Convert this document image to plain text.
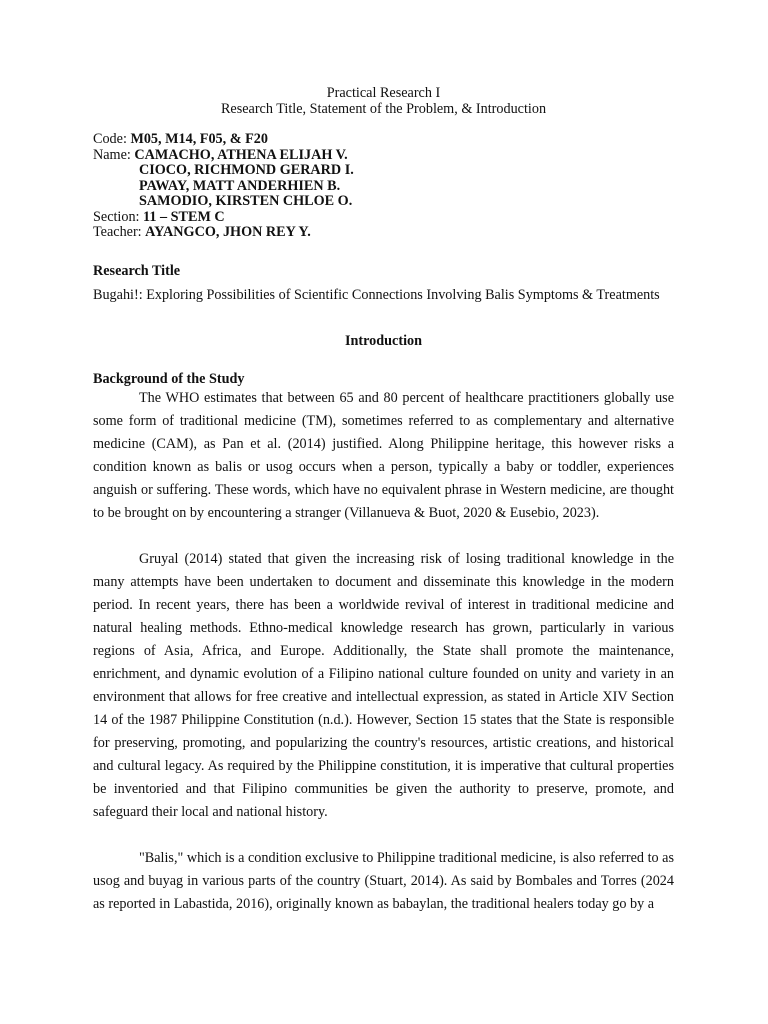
Practical Research I
Research Title, Statement of the Problem, & Introduction
Code: M05, M14, F05, & F20
Name: CAMACHO, ATHENA ELIJAH V.
CIOCO, RICHMOND GERARD I.
PAWAY, MATT ANDERHIEN B.
SAMODIO, KIRSTEN CHLOE O.
Section: 11 – STEM C
Teacher: AYANGCO, JHON REY Y.
Research Title
Bugahi!: Exploring Possibilities of Scientific Connections Involving Balis Symptoms & Treatments
Introduction
Background of the Study

The WHO estimates that between 65 and 80 percent of healthcare practitioners globally use some form of traditional medicine (TM), sometimes referred to as complementary and alternative medicine (CAM), as Pan et al. (2014) justified. Along Philippine heritage, this however risks a condition known as balis or usog occurs when a person, typically a baby or toddler, experiences anguish or suffering. These words, which have no equivalent phrase in Western medicine, are thought to be brought on by encountering a stranger (Villanueva & Buot, 2020 & Eusebio, 2023).

Gruyal (2014) stated that given the increasing risk of losing traditional knowledge in the many attempts have been undertaken to document and disseminate this knowledge in the modern period. In recent years, there has been a worldwide revival of interest in traditional medicine and natural healing methods. Ethno-medical knowledge research has grown, particularly in various regions of Asia, Africa, and Europe. Additionally, the State shall promote the maintenance, enrichment, and dynamic evolution of a Filipino national culture founded on unity and variety in an environment that allows for free creative and intellectual expression, as stated in Article XIV Section 14 of the 1987 Philippine Constitution (n.d.). However, Section 15 states that the State is responsible for preserving, promoting, and popularizing the country's resources, artistic creations, and historical and cultural legacy. As required by the Philippine constitution, it is imperative that cultural properties be inventoried and that Filipino communities be given the authority to preserve, promote, and safeguard their local and national history.

"Balis," which is a condition exclusive to Philippine traditional medicine, is also referred to as usog and buyag in various parts of the country (Stuart, 2014). As said by Bombales and Torres (2024 as reported in Labastida, 2016), originally known as babaylan, the traditional healers today go by a
